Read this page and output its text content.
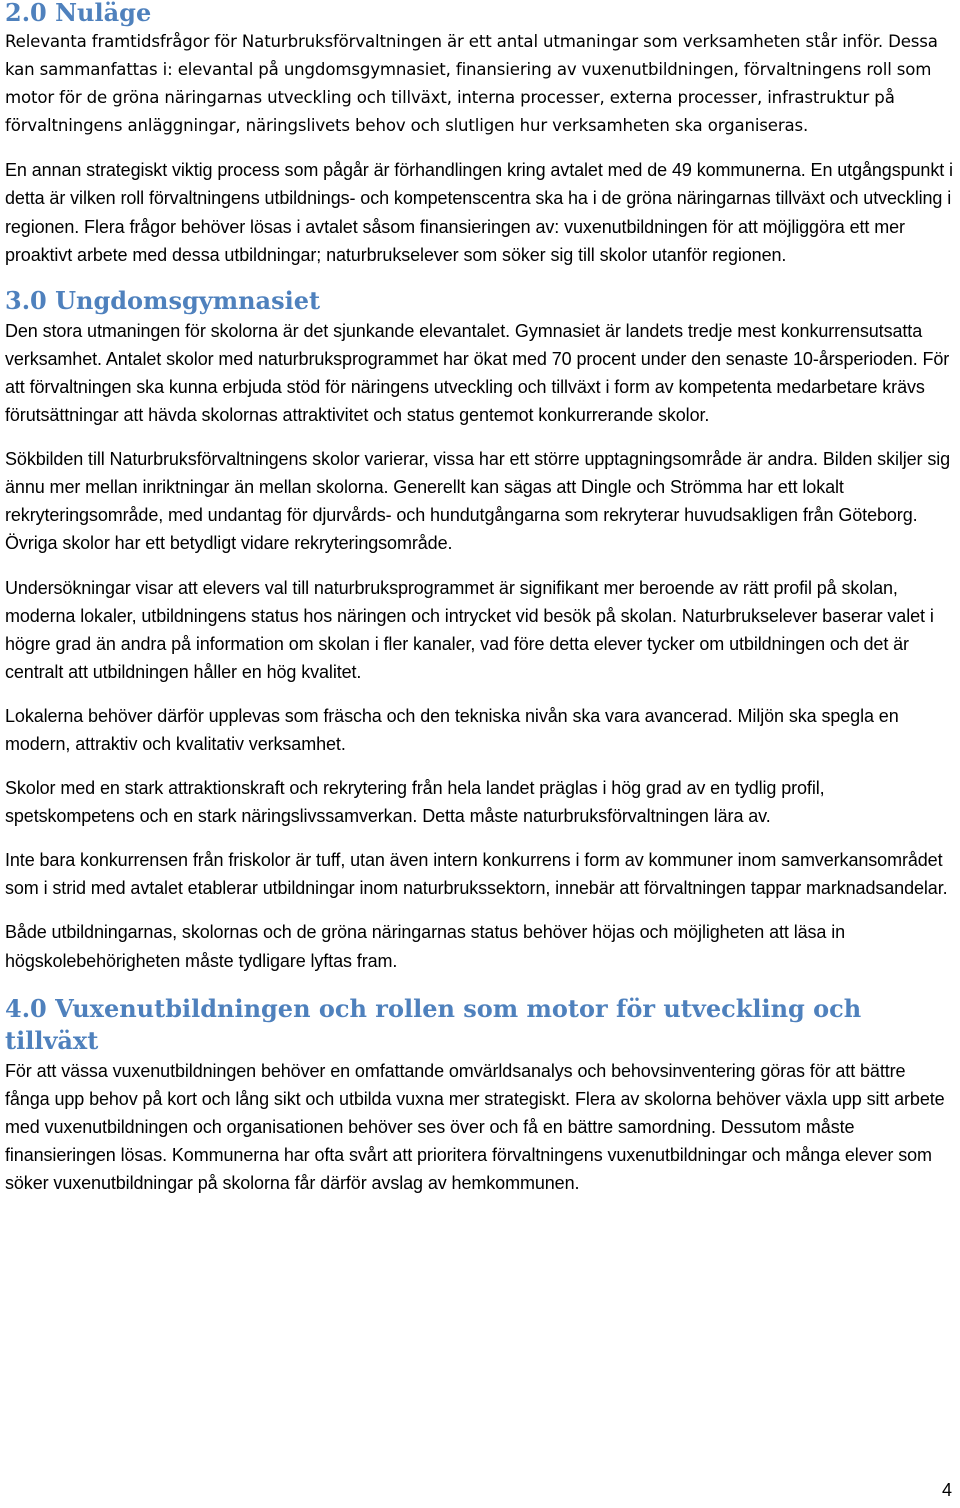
2.0 Nuläge

Relevanta framtidsfrågor för Naturbruksförvaltningen är ett antal utmaningar som verksamheten står inför. Dessa kan sammanfattas i: elevantal på ungdomsgymnasiet, finansiering av vuxenutbildningen, förvaltningens roll som motor för de gröna näringarnas utveckling och tillväxt, interna processer, externa processer, infrastruktur på förvaltningens anläggningar, näringslivets behov och slutligen hur verksamheten ska organiseras.

En annan strategiskt viktig process som pågår är förhandlingen kring avtalet med de 49 kommunerna. En utgångspunkt i detta är vilken roll förvaltningens utbildnings- och kompetenscentra ska ha i de gröna näringarnas tillväxt och utveckling i regionen. Flera frågor behöver lösas i avtalet såsom finansieringen av: vuxenutbildningen för att möjliggöra ett mer proaktivt arbete med dessa utbildningar; naturbrukselever som söker sig till skolor utanför regionen.

3.0 Ungdomsgymnasiet

Den stora utmaningen för skolorna är det sjunkande elevantalet. Gymnasiet är landets tredje mest konkurrensutsatta verksamhet. Antalet skolor med naturbruksprogrammet har ökat med 70 procent under den senaste 10-årsperioden. För att förvaltningen ska kunna erbjuda stöd för näringens utveckling och tillväxt i form av kompetenta medarbetare krävs förutsättningar att hävda skolornas attraktivitet och status gentemot konkurrerande skolor.

Sökbilden till Naturbruksförvaltningens skolor varierar, vissa har ett större upptagningsområde är andra. Bilden skiljer sig ännu mer mellan inriktningar än mellan skolorna. Generellt kan sägas att Dingle och Strömma har ett lokalt rekryteringsområde, med undantag för djurvårds- och hundutgångarna som rekryterar huvudsakligen från Göteborg. Övriga skolor har ett betydligt vidare rekryteringsområde.

Undersökningar visar att elevers val till naturbruksprogrammet är signifikant mer beroende av rätt profil på skolan, moderna lokaler, utbildningens status hos näringen och intrycket vid besök på skolan. Naturbrukselever baserar valet i högre grad än andra på information om skolan i fler kanaler, vad före detta elever tycker om utbildningen och det är centralt att utbildningen håller en hög kvalitet.

Lokalerna behöver därför upplevas som fräscha och den tekniska nivån ska vara avancerad. Miljön ska spegla en modern, attraktiv och kvalitativ verksamhet.

Skolor med en stark attraktionskraft och rekrytering från hela landet präglas i hög grad av en tydlig profil, spetskompetens och en stark näringslivssamverkan. Detta måste naturbruksförvaltningen lära av.

Inte bara konkurrensen från friskolor är tuff, utan även intern konkurrens i form av kommuner inom samverkansområdet som i strid med avtalet etablerar utbildningar inom naturbrukssektorn, innebär att förvaltningen tappar marknadsandelar.

Både utbildningarnas, skolornas och de gröna näringarnas status behöver höjas och möjligheten att läsa in högskolebehörigheten måste tydligare lyftas fram.

4.0 Vuxenutbildningen och rollen som motor för utveckling och tillväxt

För att vässa vuxenutbildningen behöver en omfattande omvärldsanalys och behovsinventering göras för att bättre fånga upp behov på kort och lång sikt och utbilda vuxna mer strategiskt. Flera av skolorna behöver växla upp sitt arbete med vuxenutbildningen och organisationen behöver ses över och få en bättre samordning. Dessutom måste finansieringen lösas. Kommunerna har ofta svårt att prioritera förvaltningens vuxenutbildningar och många elever som söker vuxenutbildningar på skolorna får därför avslag av hemkommunen.

4
